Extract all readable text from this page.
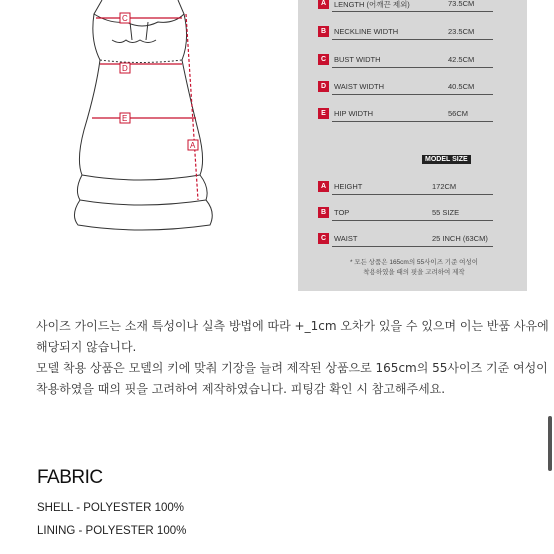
C
D
E
A
A	LENGTH (어깨끈 제외)	73.5CM
B	NECKLINE WIDTH	23.5CM
C	BUST WIDTH	42.5CM
D	WAIST WIDTH	40.5CM
E	HIP WIDTH	56CM
MODEL SIZE
A	HEIGHT	172CM
B	TOP	55 SIZE
C	WAIST	25 INCH (63CM)
* 모든 상품은 165cm의 55사이즈 기준 여성이
착용하였을 때의 핏을 고려하여 제작

사이즈 가이드는 소재 특성이나 실측 방법에 따라 +_1cm 오차가 있을 수 있으며 이는 반품 사유에

해당되지 않습니다.

모델 착용 상품은 모델의 키에 맞춰 기장을 늘려 제작된 상품으로 165cm의 55사이즈 기준 여성이

착용하였을 때의 핏을 고려하여 제작하였습니다. 피팅감 확인 시 참고해주세요.

FABRIC
SHELL - POLYESTER 100%
LINING - POLYESTER 100%
